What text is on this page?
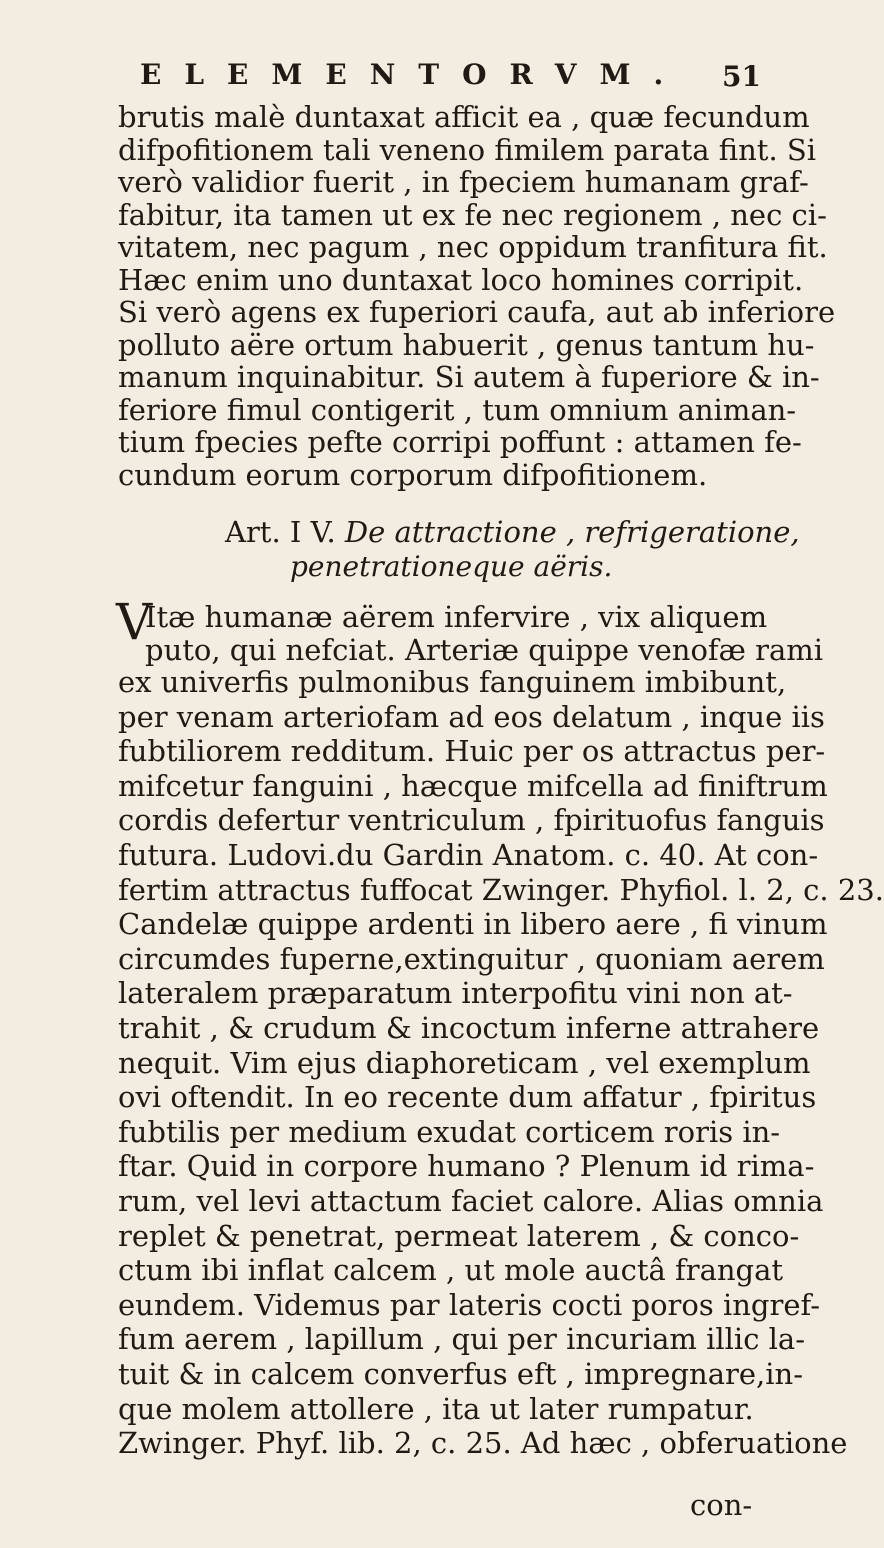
ELEMENTORVM.	51
brutis malè duntaxat afficit ea , quæ fecundum
difpofitionem tali veneno fimilem parata fint. Si
verò validior fuerit , in fpeciem humanam graf-
fabitur, ita tamen ut ex fe nec regionem , nec ci-
vitatem, nec pagum , nec oppidum tranfitura fit.
Hæc enim uno duntaxat loco homines corripit.
Si verò agens ex fuperiori caufa, aut ab inferiore
polluto aëre ortum habuerit , genus tantum hu-
manum inquinabitur. Si autem à fuperiore & in-
feriore fimul contigerit , tum omnium animan-
tium fpecies pefte corripi poffunt : attamen fe-
cundum eorum corporum difpofitionem.
Art. I V. De attractione , refrigeratione,
penetrationeque aëris.
V
Itæ humanæ aërem infervire , vix aliquem
puto, qui nefciat. Arteriæ quippe venofæ rami
ex univerfis pulmonibus fanguinem imbibunt,
per venam arteriofam ad eos delatum , inque iis
fubtiliorem redditum. Huic per os attractus per-
mifcetur fanguini , hæcque mifcella ad finiftrum
cordis defertur ventriculum , fpirituofus fanguis
futura. Ludovi.du Gardin Anatom. c. 40. At con-
fertim attractus fuffocat Zwinger. Phyfiol. l. 2, c. 23.
Candelæ quippe ardenti in libero aere , fi vinum
circumdes fuperne,extinguitur , quoniam aerem
lateralem præparatum interpofitu vini non at-
trahit , & crudum & incoctum inferne attrahere
nequit. Vim ejus diaphoreticam , vel exemplum
ovi oftendit. In eo recente dum affatur , fpiritus
fubtilis per medium exudat corticem roris in-
ftar. Quid in corpore humano ? Plenum id rima-
rum, vel levi attactum faciet calore. Alias omnia
replet & penetrat, permeat laterem , & conco-
ctum ibi inflat calcem , ut mole auctâ frangat
eundem. Videmus par lateris cocti poros ingref-
fum aerem , lapillum , qui per incuriam illic la-
tuit & in calcem converfus eft , impregnare,in-
que molem attollere , ita ut later rumpatur.
Zwinger. Phyf. lib. 2, c. 25. Ad hæc , obferuatione
con-
